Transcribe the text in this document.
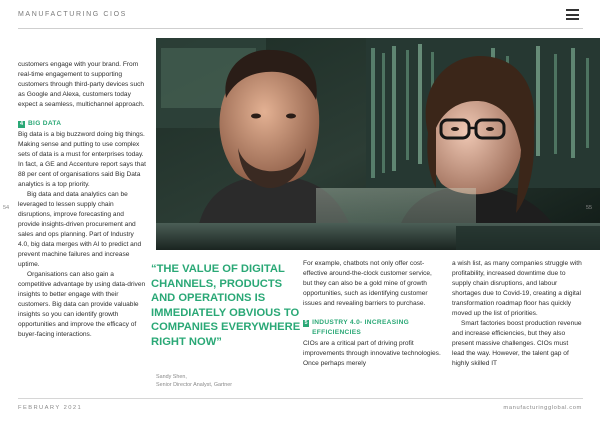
MANUFACTURING CIOS

customers engage with your brand. From real-time engagement to supporting customers through third-party devices such as Google and Alexa, customers today expect a seamless, multichannel approach.

4 BIG DATA

Big data is a big buzzword doing big things. Making sense and putting to use complex sets of data is a must for enterprises today. In fact, a GE and Accenture report says that 88 per cent of organisations said Big Data analytics is a top priority.

Big data and data analytics can be leveraged to lessen supply chain disruptions, improve forecasting and provide insights-driven procurement and sales and ops planning. Part of Industry 4.0, big data merges with AI to predict and prevent machine failures and increase uptime.

Organisations can also gain a competitive advantage by using data-driven insights to better engage with their customers. Big data can provide valuable insights so you can identify growth opportunities and improve the efficacy of buyer-facing interactions.

“THE VALUE OF DIGITAL CHANNELS, PRODUCTS AND OPERATIONS IS IMMEDIATELY OBVIOUS TO COMPANIES EVERYWHERE RIGHT NOW”
Sandy Shen,
Senior Director Analyst, Gartner

For example, chatbots not only offer cost-effective around-the-clock customer service, but they can also be a gold mine of growth opportunities, such as identifying customer issues and revealing barriers to purchase.

5 INDUSTRY 4.0- INCREASING EFFICIENCIES

CIOs are a critical part of driving profit improvements through innovative technologies. Once perhaps merely

a wish list, as many companies struggle with profitability, increased downtime due to supply chain disruptions, and labour shortages due to Covid-19, creating a digital transformation roadmap floor has quickly moved up the list of priorities.

Smart factories boost production revenue and increase efficiencies, but they also present massive challenges. CIOs must lead the way. However, the talent gap of highly skilled IT

54	55
FEBRUARY 2021	manufacturingglobal.com
